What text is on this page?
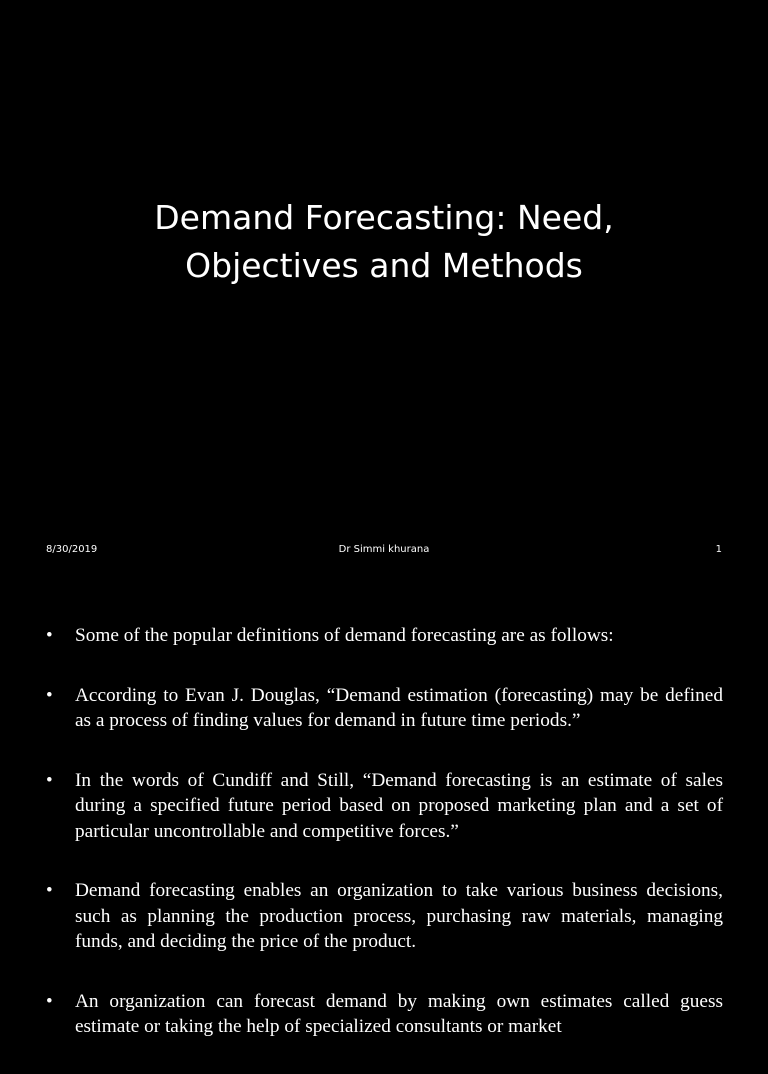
Demand Forecasting: Need,
Objectives and Methods
8/30/2019	Dr Simmi khurana	1
• Some of the popular definitions of demand forecasting are as follows:
• According to Evan J. Douglas, “Demand estimation (forecasting) may be defined as a process of finding values for demand in future time periods.”
• In the words of Cundiff and Still, “Demand forecasting is an estimate of sales during a specified future period based on proposed marketing plan and a set of particular uncontrollable and competitive forces.”
• Demand forecasting enables an organization to take various business decisions, such as planning the production process, purchasing raw materials, managing funds, and deciding the price of the product.
• An organization can forecast demand by making own estimates called guess estimate or taking the help of specialized consultants or market
